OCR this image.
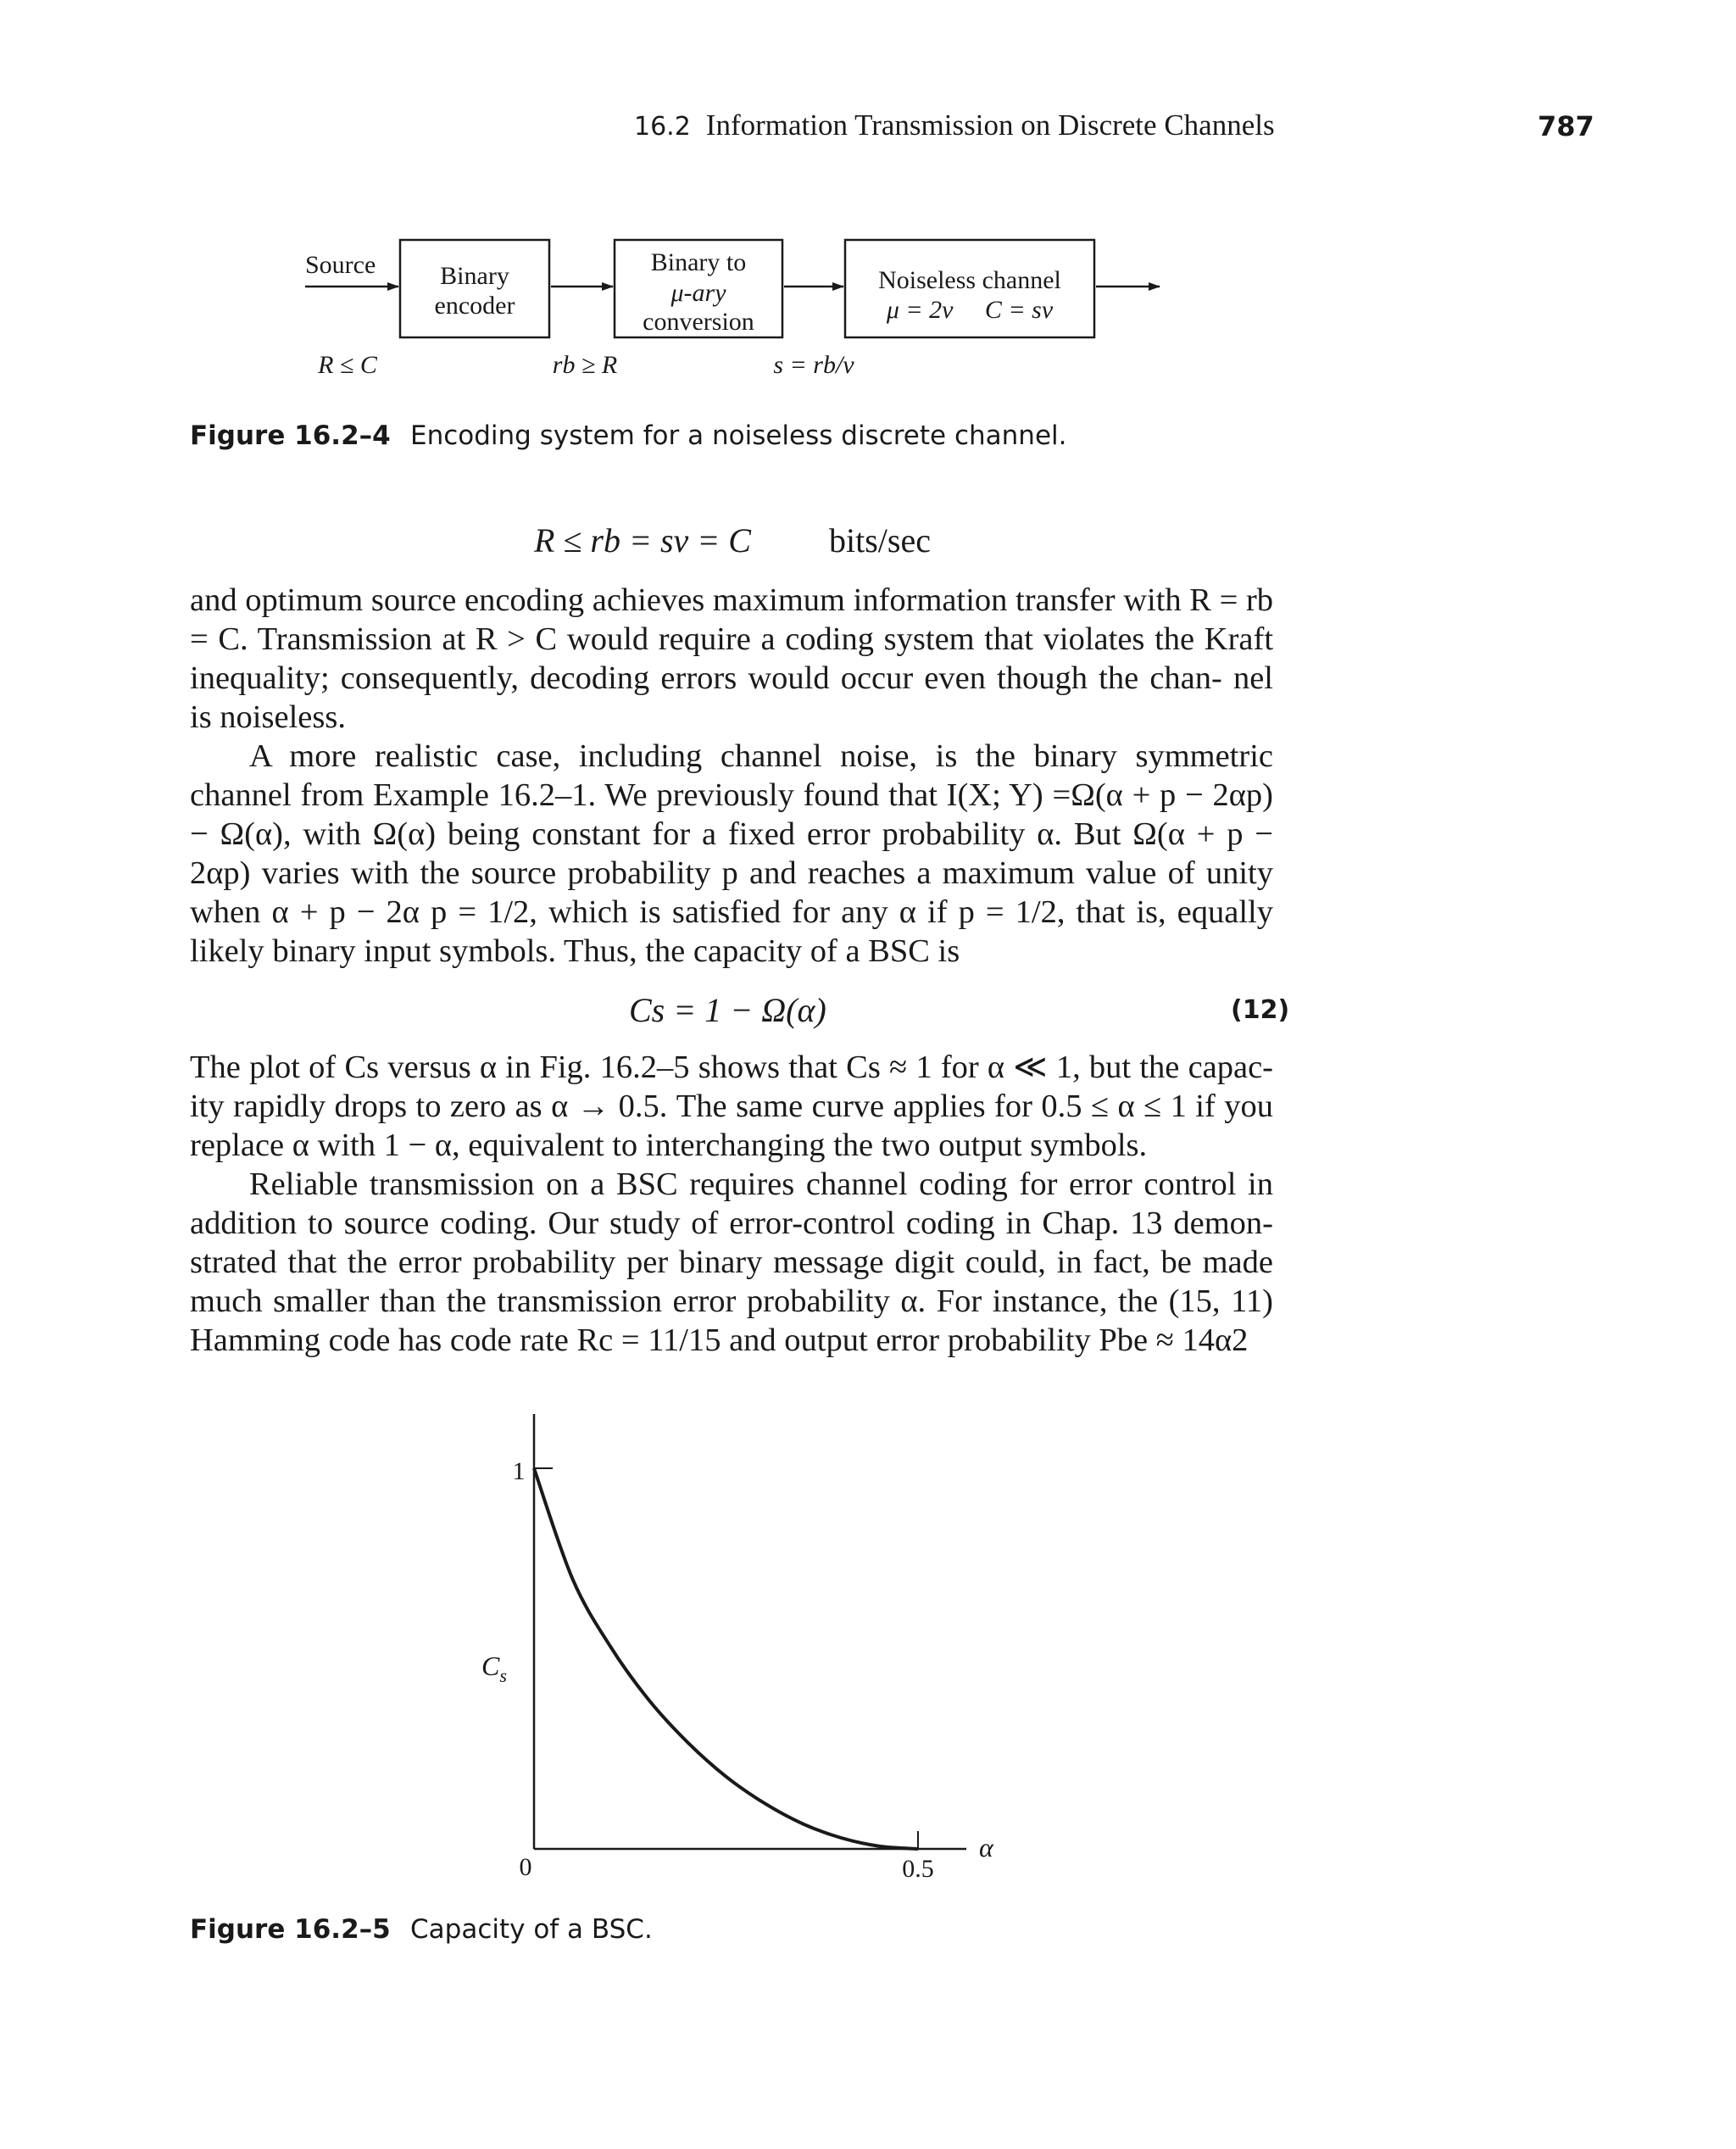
16.2 Information Transmission on Discrete Channels	787
Source	Binary
encoder
Binary to
μ-ary
conversion
Noiseless channel
μ = 2ν     C = sν
R ≤ C	rb ≥ R	s = rb/ν
Figure 16.2–4 Encoding system for a noiseless discrete channel.
R ≤ rb = sν = C bits/sec

and optimum source encoding achieves maximum information transfer with R = rb = C. Transmission at R > C would require a coding system that violates the Kraft inequality; consequently, decoding errors would occur even though the chan- nel is noiseless.

A more realistic case, including channel noise, is the binary symmetric channel from Example 16.2–1. We previously found that I(X; Y) =Ω(α + p − 2αp) − Ω(α), with Ω(α) being constant for a fixed error probability α. But Ω(α + p − 2αp) varies with the source probability p and reaches a maximum value of unity when α + p − 2α p = 1/2, which is satisfied for any α if p = 1/2, that is, equally likely binary input symbols. Thus, the capacity of a BSC is

Cs = 1 − Ω(α)	(12)

The plot of Cs versus α in Fig. 16.2–5 shows that Cs ≈ 1 for α ≪ 1, but the capac- ity rapidly drops to zero as α → 0.5. The same curve applies for 0.5 ≤ α ≤ 1 if you replace α with 1 − α, equivalent to interchanging the two output symbols.

Reliable transmission on a BSC requires channel coding for error control in addition to source coding. Our study of error-control coding in Chap. 13 demon- strated that the error probability per binary message digit could, in fact, be made much smaller than the transmission error probability α. For instance, the (15, 11) Hamming code has code rate Rc = 11/15 and output error probability Pbe ≈ 14α2

1
0	0.5
$C_s$
α
Figure 16.2–5 Capacity of a BSC.
